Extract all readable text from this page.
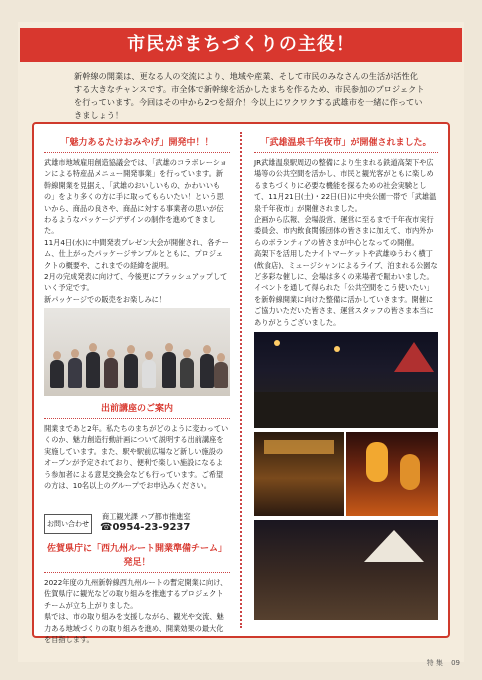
市民がまちづくりの主役！

新幹線の開業は、更なる人の交流により、地域や産業、そして市民のみなさんの生活が活性化する大きなチャンスです。市全体で新幹線を活かしたまちを作るため、市民参加のプロジェクトを行っています。今回はその中から2つを紹介！今以上にワクワクする武雄市を一緒に作っていきましょう！

「魅力あるたけおみやげ」開発中！！

武雄市地域雇用創造協議会では、「武雄のコラボレーションによる特産品メニュー開発事業」を行っています。新幹線開業を見据え、「武雄のおいしいもの、かわいいもの」をより多くの方に手に取ってもらいたい！という思いから、商品の良さや、商品に対する事業者の思いが伝わるようなパッケージデザインの制作を進めてきました。

11月4日(水)に中間発表プレゼン大会が開催され、各チーム、仕上がったパッケージサンプルとともに、プロジェクトの概要や、これまでの経緯を説明。

2月の完成発表に向けて、今後更にブラッシュアップしていく予定です。

新パッケージでの販売をお楽しみに！

出前講座のご案内

開業まであと2年。私たちのまちがどのように変わっていくのか、魅力創造行動計画について説明する出前講座を実施しています。また、駅や駅前広場など新しい施設のオープンが予定されており、便利で楽しい施設になるよう参加者による意見交換会なども行っています。ご希望の方は、10名以上のグループでお申込みください。

お問い合わせ
商工観光課 ハブ都市推進室
☎0954-23-9237
佐賀県庁に「西九州ルート開業準備チーム」発足！

2022年度の九州新幹線西九州ルートの暫定開業に向け、佐賀県庁に観光などの取り組みを推進するプロジェクトチームが立ち上がりました。

県では、市の取り組みを支援しながら、観光や交流、魅力ある地域づくりの取り組みを進め、開業効果の最大化を目指します。

「武雄温泉千年夜市」が開催されました。

JR武雄温泉駅周辺の整備により生まれる鉄道高架下や広場等の公共空間を活かし、市民と観光客がともに楽しめるまちづくりに必要な機能を探るための社会実験として、11月21日(土)・22日(日)に中央公園一帯で「武雄温泉千年夜市」が開催されました。

企画から広報、会場設営、運営に至るまで千年夜市実行委員会、市内飲食関係団体の皆さまに加えて、市内外からのボランティアの皆さまが中心となっての開催。

高架下を活用したナイトマーケットや武雄ゆうわく横丁(飲食店)、ミュージシャンによるライブ、泊まれる公園など多彩な催しに、会場は多くの来場者で賑わいました。

イベントを通して得られた「公共空間をこう使いたい」を新幹線開業に向けた整備に活かしていきます。開催にご協力いただいた皆さま、運営スタッフの皆さま本当にありがとうございました。

特 集 09
